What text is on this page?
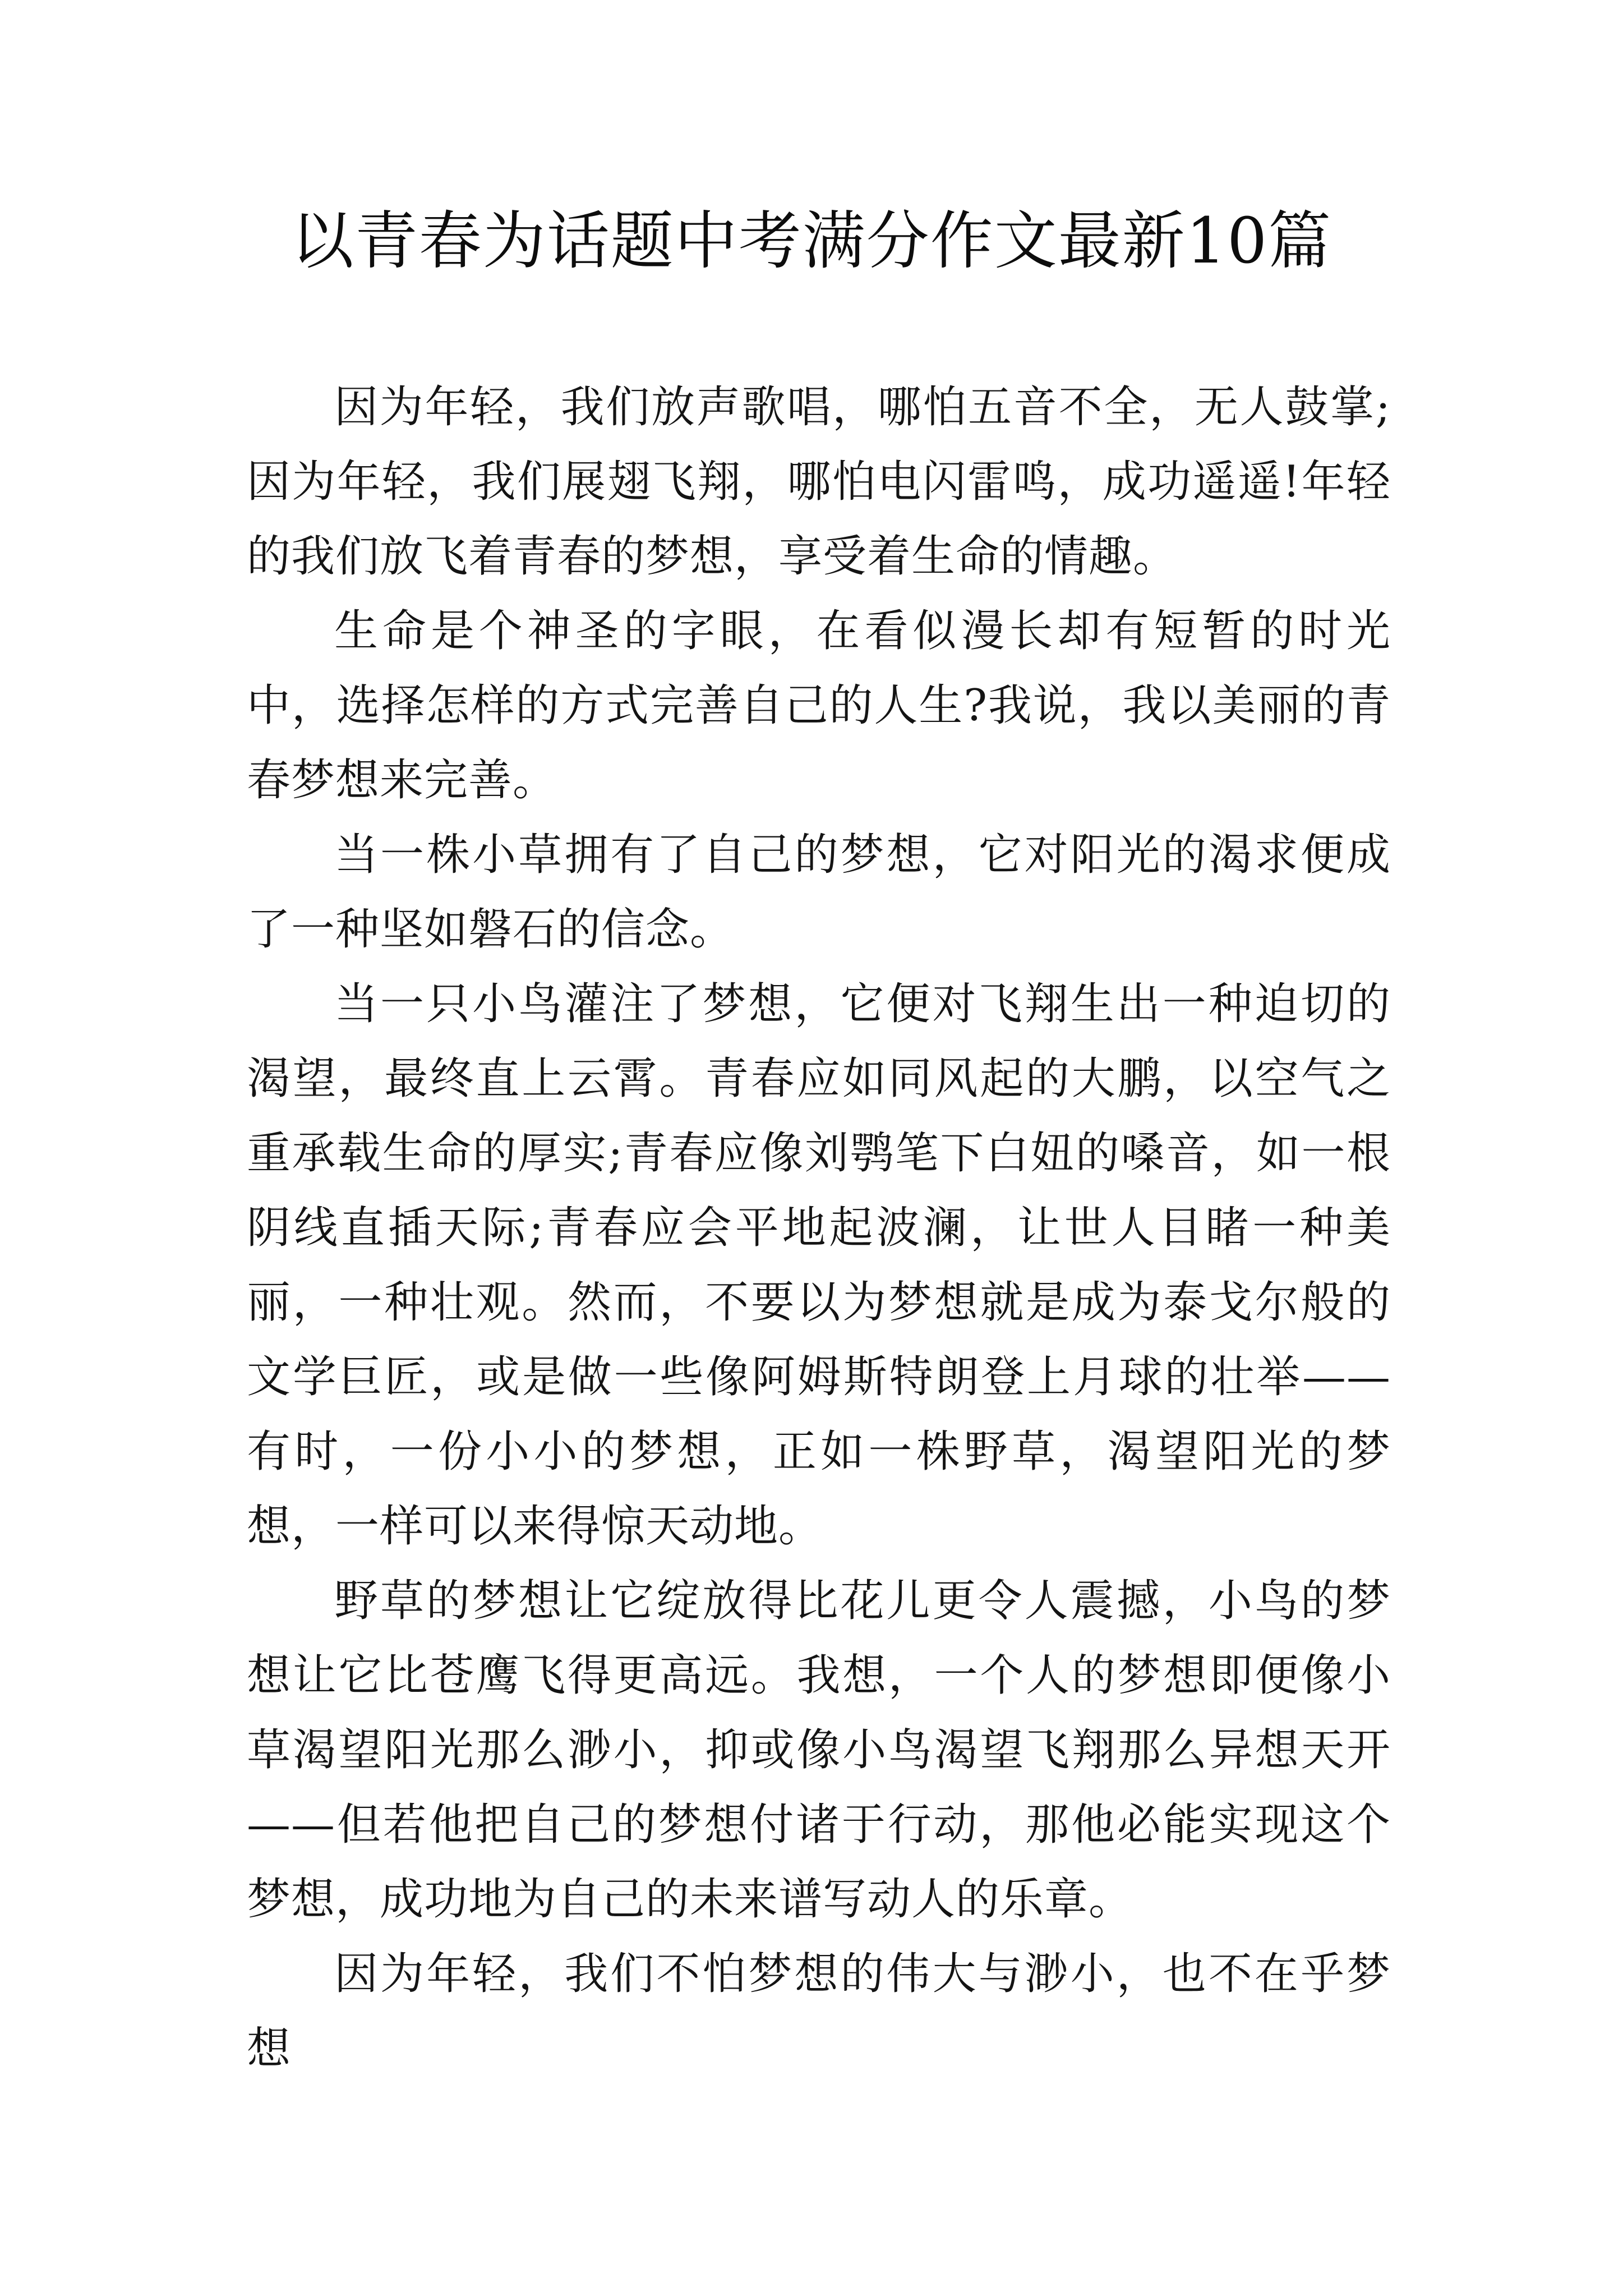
以青春为话题中考满分作文最新10篇

因为年轻，我们放声歌唱，哪怕五音不全，无人鼓掌;因为年轻，我们展翅飞翔，哪怕电闪雷鸣，成功遥遥!年轻的我们放飞着青春的梦想，享受着生命的情趣。

生命是个神圣的字眼，在看似漫长却有短暂的时光中，选择怎样的方式完善自己的人生?我说，我以美丽的青春梦想来完善。

当一株小草拥有了自己的梦想，它对阳光的渴求便成了一种坚如磐石的信念。

当一只小鸟灌注了梦想，它便对飞翔生出一种迫切的渴望，最终直上云霄。青春应如同风起的大鹏，以空气之重承载生命的厚实;青春应像刘鹗笔下白妞的嗓音，如一根阴线直插天际;青春应会平地起波澜，让世人目睹一种美丽，一种壮观。然而，不要以为梦想就是成为泰戈尔般的文学巨匠，或是做一些像阿姆斯特朗登上月球的壮举——有时，一份小小的梦想，正如一株野草，渴望阳光的梦想，一样可以来得惊天动地。

野草的梦想让它绽放得比花儿更令人震撼，小鸟的梦想让它比苍鹰飞得更高远。我想，一个人的梦想即便像小草渴望阳光那么渺小，抑或像小鸟渴望飞翔那么异想天开——但若他把自己的梦想付诸于行动，那他必能实现这个梦想，成功地为自己的未来谱写动人的乐章。

因为年轻，我们不怕梦想的伟大与渺小，也不在乎梦想
